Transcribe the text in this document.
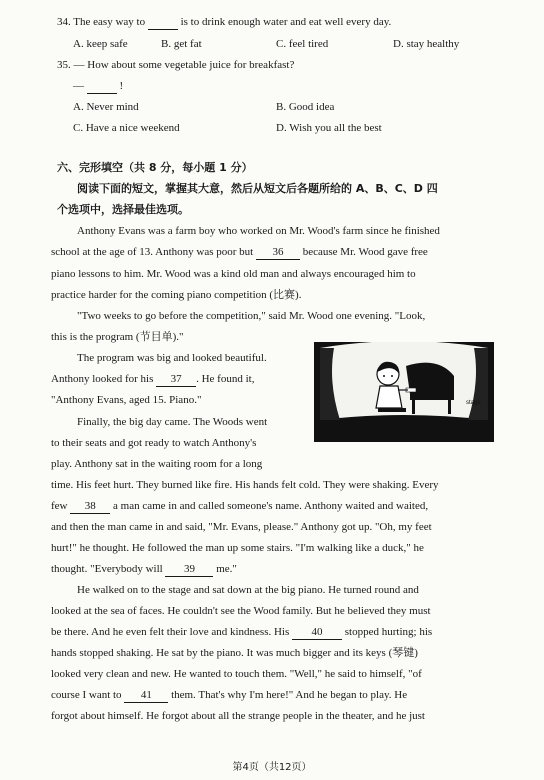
34. The easy way to	is to drink enough water and eat well every day.
A. keep safe	B. get fat	C. feel tired	D. stay healthy
35. — How about some vegetable juice for breakfast?
—	!
A. Never mind	B. Good idea
C. Have a nice weekend	D. Wish you all the best
六、完形填空（共 8 分，每小题 1 分）
阅读下面的短文，掌握其大意，然后从短文后各题所给的 A、B、C、D 四
个选项中，选择最佳选项。
Anthony Evans was a farm boy who worked on Mr. Wood's farm since he finished
school at the age of 13. Anthony was poor but 36 because Mr. Wood gave free
piano lessons to him. Mr. Wood was a kind old man and always encouraged him to
practice harder for the coming piano competition (比赛).
"Two weeks to go before the competition," said Mr. Wood one evening. "Look,
this is the program (节目单)."
The program was big and looked beautiful.
Anthony looked for his 37 . He found it,
"Anthony Evans, aged 15. Piano."
Finally, the big day came. The Woods went
to their seats and got ready to watch Anthony's
play. Anthony sat in the waiting room for a long
time. His feet hurt. They burned like fire. His hands felt cold. They were shaking. Every
few 38 a man came in and called someone's name. Anthony waited and waited,
and then the man came in and said, "Mr. Evans, please." Anthony got up. "Oh, my feet
hurt!" he thought. He followed the man up some stairs. "I'm walking like a duck," he
thought. "Everybody will 39 me."
He walked on to the stage and sat down at the big piano. He turned round and
looked at the sea of faces. He couldn't see the Wood family. But he believed they must
be there. And he even felt their love and kindness. His 40 stopped hurting; his
hands stopped shaking. He sat by the piano. It was much bigger and its keys (琴键)
looked very clean and new. He wanted to touch them. "Well," he said to himself, "of
course I want to 41 them. That's why I'm here!" And he began to play. He
forgot about himself. He forgot about all the strange people in the theater, and he just
stage
第4页（共12页）
